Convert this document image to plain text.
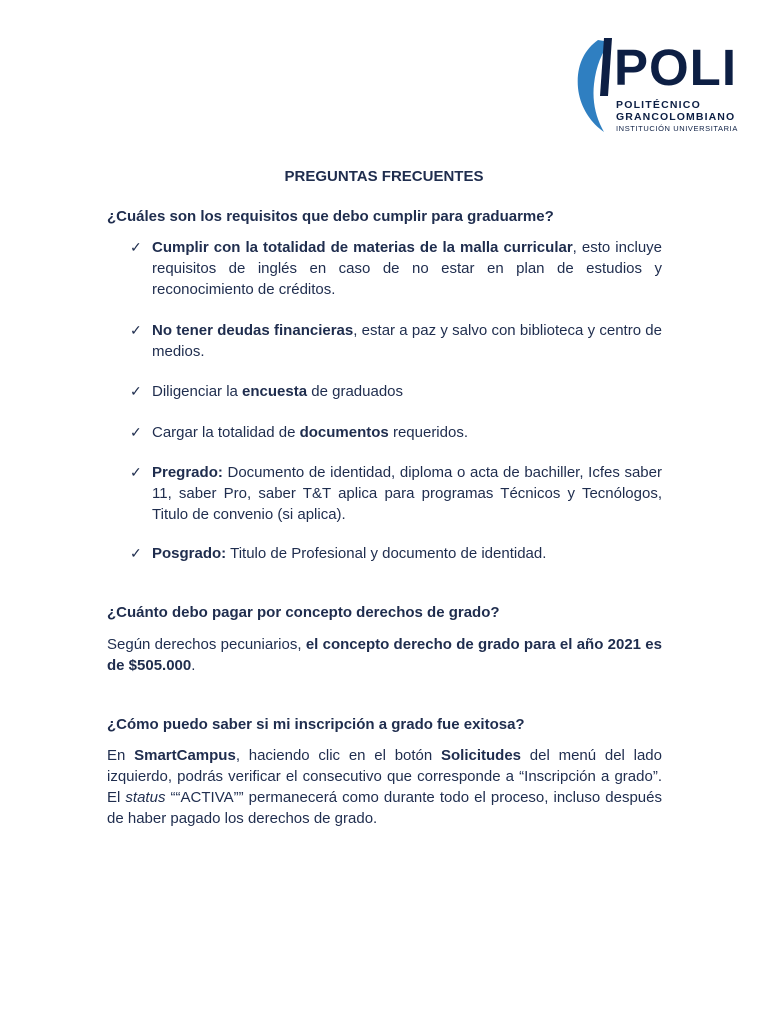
POLI
POLITÉCNICO
GRANCOLOMBIANO
INSTITUCIÓN UNIVERSITARIA
PREGUNTAS FRECUENTES
¿Cuáles son los requisitos que debo cumplir para graduarme?
✓ Cumplir con la totalidad de materias de la malla curricular, esto incluye requisitos de inglés en caso de no estar en plan de estudios y reconocimiento de créditos.
✓ No tener deudas financieras, estar a paz y salvo con biblioteca y centro de medios.
✓ Diligenciar la encuesta de graduados
✓ Cargar la totalidad de documentos requeridos.
✓ Pregrado: Documento de identidad, diploma o acta de bachiller, Icfes saber 11, saber Pro, saber T&T aplica para programas Técnicos y Tecnólogos, Titulo de convenio (si aplica).
✓ Posgrado: Titulo de Profesional y documento de identidad.
¿Cuánto debo pagar por concepto derechos de grado?
Según derechos pecuniarios, el concepto derecho de grado para el año 2021 es de $505.000.
¿Cómo puedo saber si mi inscripción a grado fue exitosa?
En SmartCampus, haciendo clic en el botón Solicitudes del menú del lado izquierdo, podrás verificar el consecutivo que corresponde a “Inscripción a grado”. El status ““ACTIVA”” permanecerá como durante todo el proceso, incluso después de haber pagado los derechos de grado.
